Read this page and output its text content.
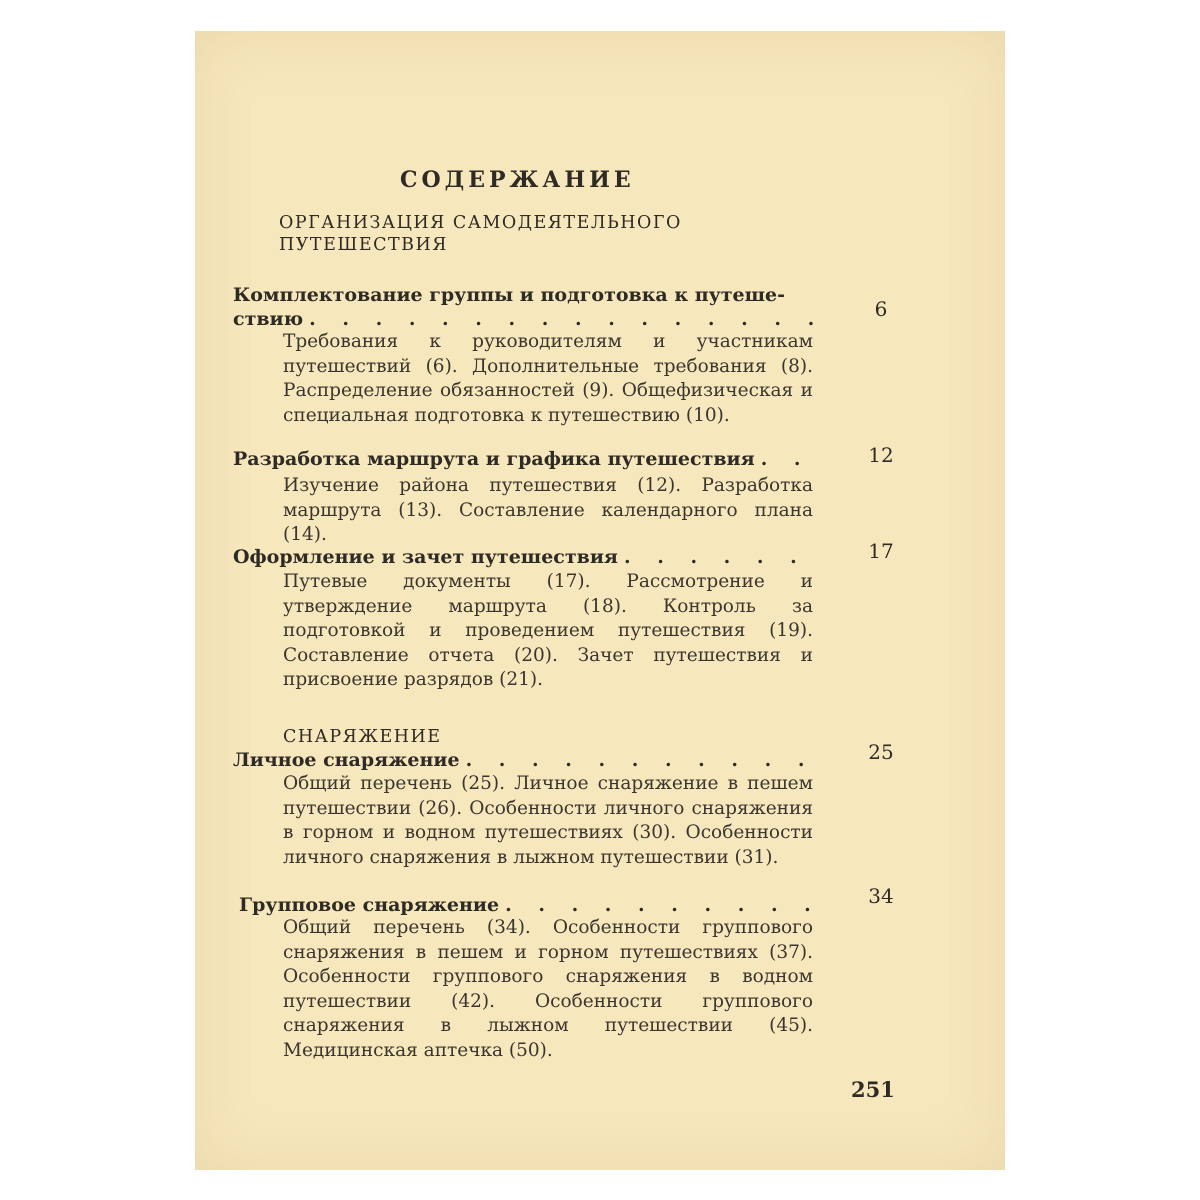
СОДЕРЖАНИЕ
ОРГАНИЗАЦИЯ САМОДЕЯТЕЛЬНОГО
ПУТЕШЕСТВИЯ
Комплектование группы и подготовка к путеше-
ствию . . .	6
Требования к руководителям и участникам путешествий (6). Дополнительные требования (8). Распределение обязанностей (9). Общефизическая и специальная подготовка к путешествию (10).
Разработка маршрута и графика путешествия . . .	12
Изучение района путешествия (12). Разработка маршрута (13). Составление календарного плана (14).
Оформление и зачет путешествия . . .	17
Путевые документы (17). Рассмотрение и утверждение маршрута (18). Контроль за подготовкой и проведением путешествия (19). Составление отчета (20). Зачет путешествия и присвоение разрядов (21).
СНАРЯЖЕНИЕ
Личное снаряжение . . .	25
Общий перечень (25). Личное снаряжение в пешем путешествии (26). Особенности личного снаряжения в горном и водном путешествиях (30). Особенности личного снаряжения в лыжном путешествии (31).
Групповое снаряжение . . .	34
Общий перечень (34). Особенности группового снаряжения в пешем и горном путешествиях (37). Особенности группового снаряжения в водном путешествии (42). Особенности группового снаряжения в лыжном путешествии (45). Медицинская аптечка (50).
251
